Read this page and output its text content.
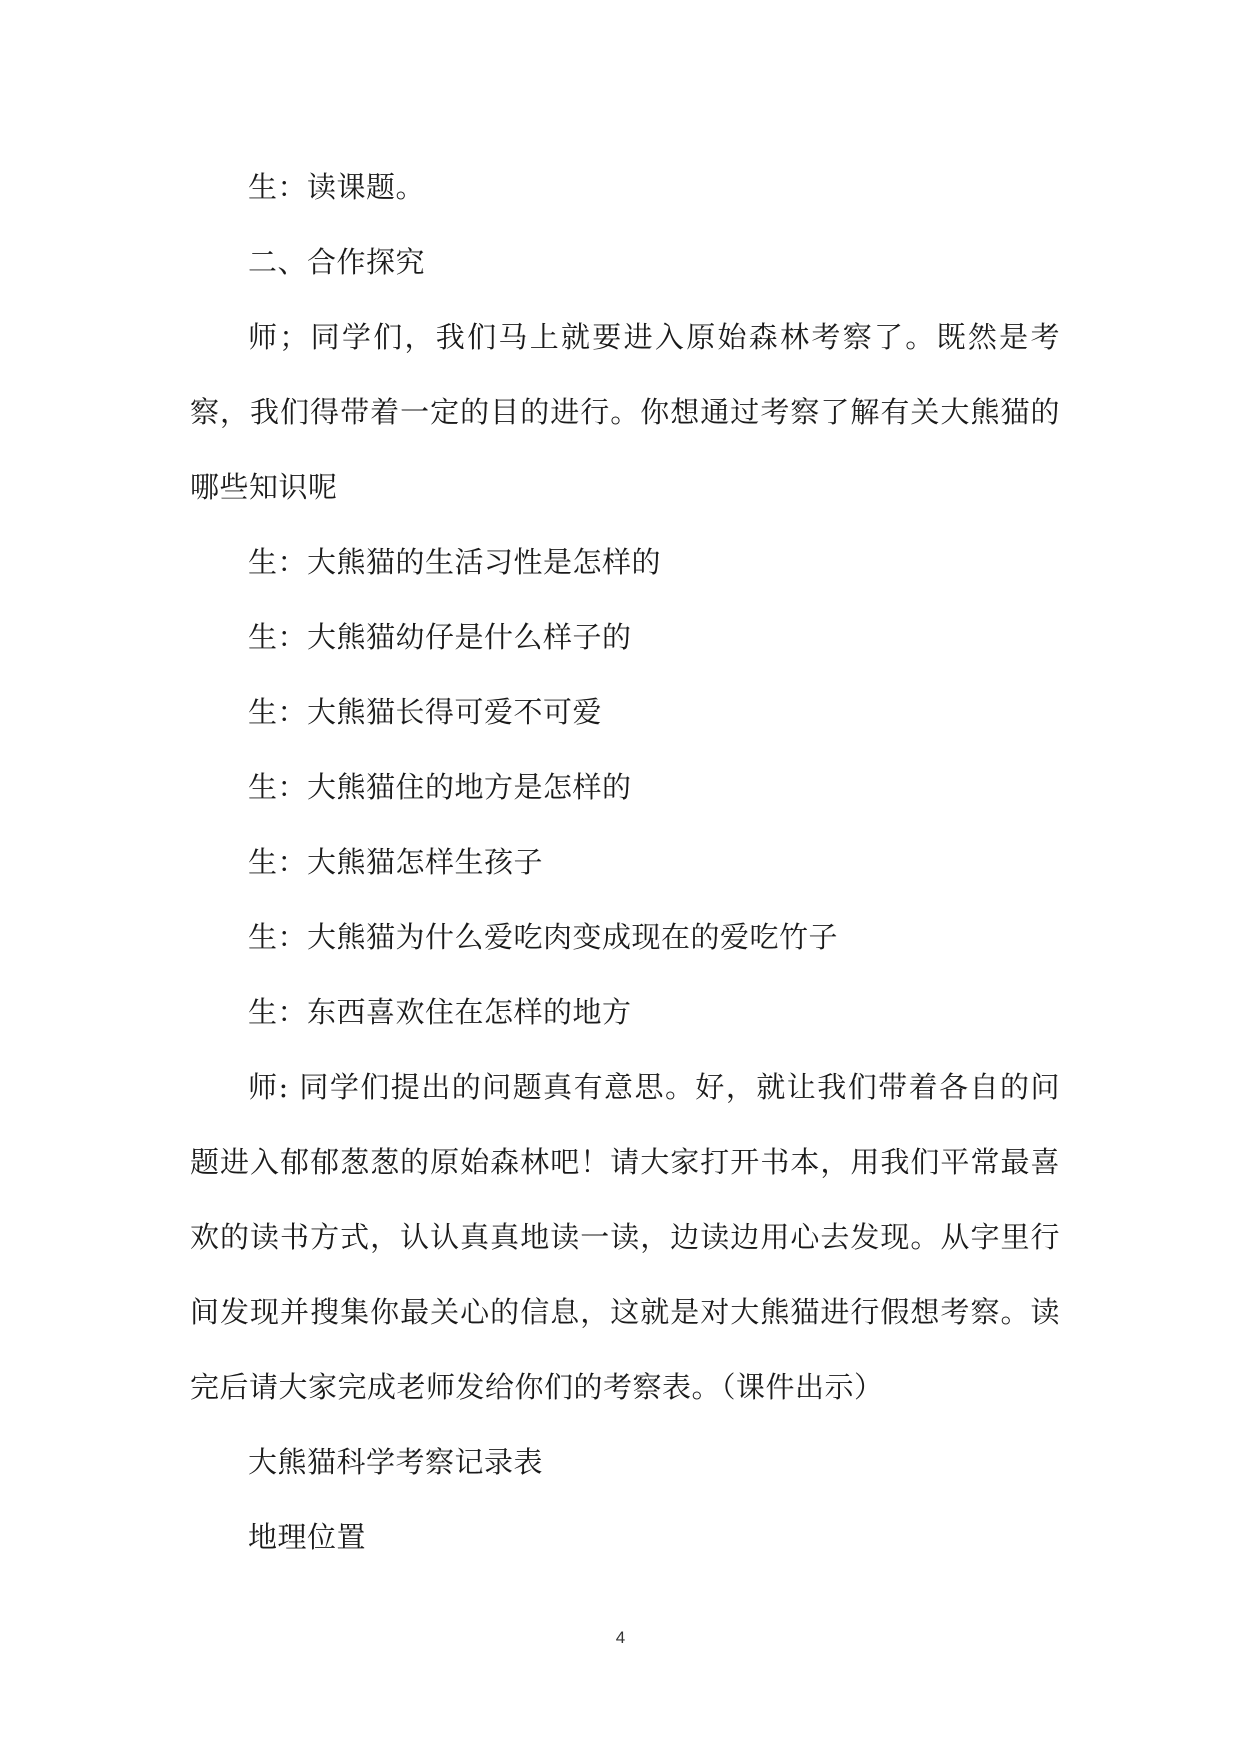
生：读课题。

二、合作探究

师；同学们，我们马上就要进入原始森林考察了。既然是考察，我们得带着一定的目的进行。你想通过考察了解有关大熊猫的哪些知识呢

生：大熊猫的生活习性是怎样的

生：大熊猫幼仔是什么样子的

生：大熊猫长得可爱不可爱

生：大熊猫住的地方是怎样的

生：大熊猫怎样生孩子

生：大熊猫为什么爱吃肉变成现在的爱吃竹子

生：东西喜欢住在怎样的地方

师: 同学们提出的问题真有意思。好，就让我们带着各自的问题进入郁郁葱葱的原始森林吧！请大家打开书本，用我们平常最喜欢的读书方式，认认真真地读一读，边读边用心去发现。从字里行间发现并搜集你最关心的信息，这就是对大熊猫进行假想考察。读完后请大家完成老师发给你们的考察表。（课件出示）

大熊猫科学考察记录表

地理位置

4
